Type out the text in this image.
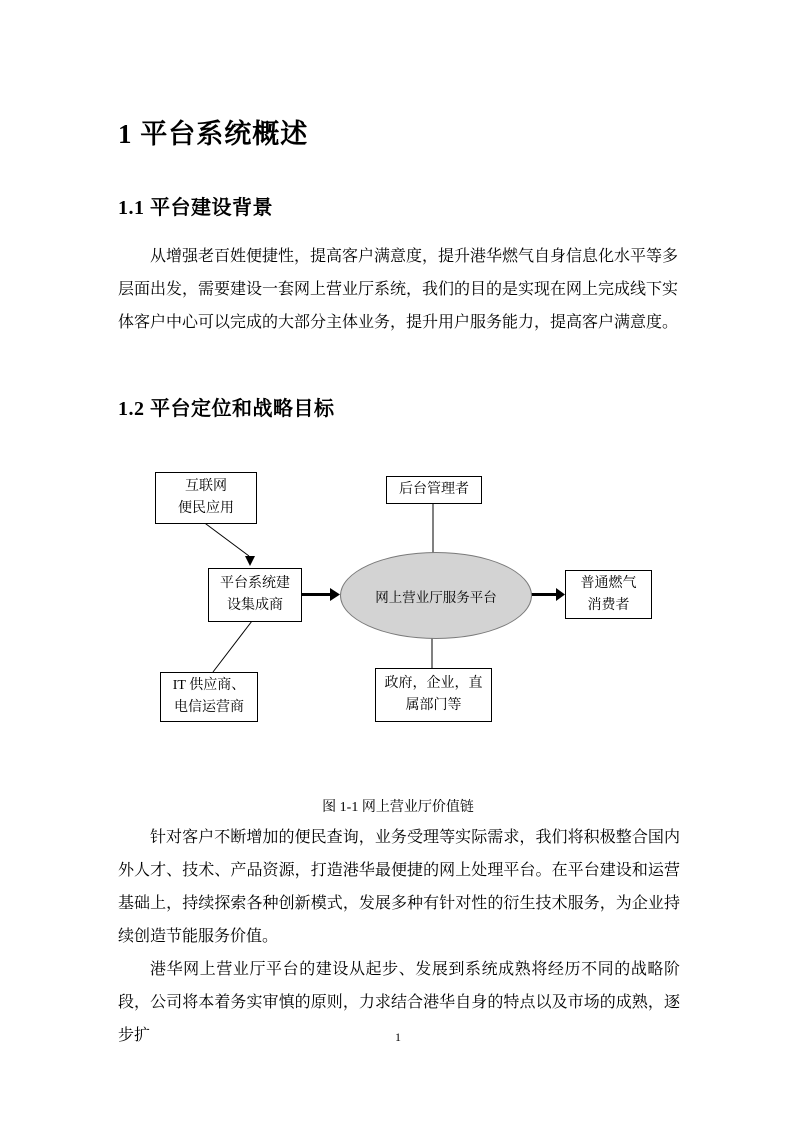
1 平台系统概述
1.1 平台建设背景

从增强老百姓便捷性，提高客户满意度，提升港华燃气自身信息化水平等多层面出发，需要建设一套网上营业厅系统，我们的目的是实现在网上完成线下实体客户中心可以完成的大部分主体业务，提升用户服务能力，提高客户满意度。

1.2 平台定位和战略目标
互联网
便民应用
后台管理者
平台系统建
设集成商
网上营业厅服务平台
普通燃气
消费者
IT 供应商、
电信运营商
政府，企业，直
属部门等
图 1-1 网上营业厅价值链

针对客户不断增加的便民查询，业务受理等实际需求，我们将积极整合国内外人才、技术、产品资源，打造港华最便捷的网上处理平台。在平台建设和运营基础上，持续探索各种创新模式，发展多种有针对性的衍生技术服务，为企业持续创造节能服务价值。

港华网上营业厅平台的建设从起步、发展到系统成熟将经历不同的战略阶段，公司将本着务实审慎的原则，力求结合港华自身的特点以及市场的成熟，逐步扩	1
